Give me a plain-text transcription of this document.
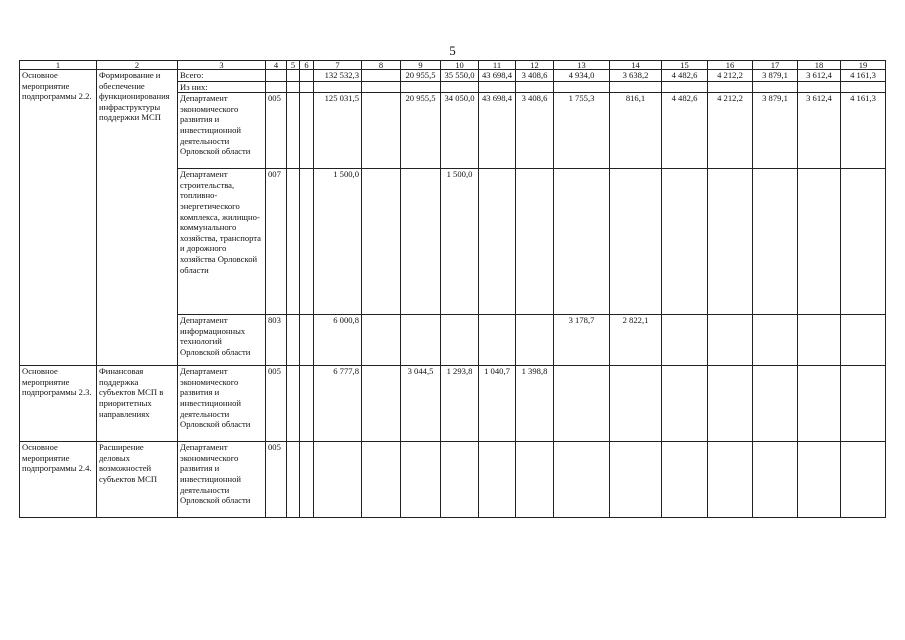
5
1	2	3	4	5	6	7	8	9	10	11	12	13	14	15	16	17	18	19
Основное мероприятие подпрограммы 2.2.	Формирование и обеспечение функционирования инфраструктуры поддержки МСП	Всего:				132 532,3		20 955,5	35 550,0	43 698,4	3 408,6	4 934,0	3 638,2	4 482,6	4 212,2	3 879,1	3 612,4	4 161,3
		Из них:																
		Департамент экономического развития и инвестиционной деятельности Орловской области	005			125 031,5		20 955,5	34 050,0	43 698,4	3 408,6	1 755,3	816,1	4 482,6	4 212,2	3 879,1	3 612,4	4 161,3
		Департамент строительства, топливно-энергетического комплекса, жилищно-коммунального хозяйства, транспорта и дорожного хозяйства Орловской области	007			1 500,0			1 500,0									
		Департамент информационных технологий Орловской области	803			6 000,8						3 178,7	2 822,1					
Основное мероприятие подпрограммы 2.3.	Финансовая поддержка субъектов МСП в приоритетных направлениях	Департамент экономического развития и инвестиционной деятельности Орловской области	005			6 777,8		3 044,5	1 293,8	1 040,7	1 398,8							
Основное мероприятие подпрограммы 2.4.	Расширение деловых возможностей субъектов МСП	Департамент экономического развития и инвестиционной деятельности Орловской области	005															
